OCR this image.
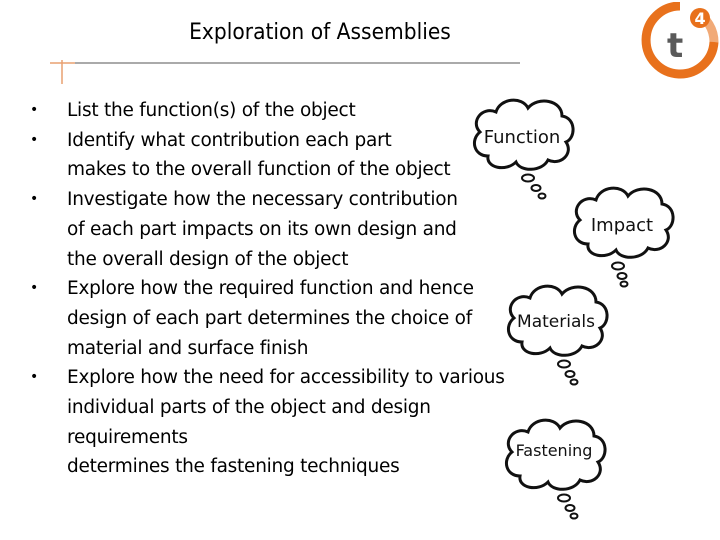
Exploration of Assemblies	t
4
• List the function(s) of the object
• Identify what contribution each part
makes to the overall function of the object
• Investigate how the necessary contribution
of each part impacts on its own design and
the overall design of the object
• Explore how the required function and hence
design of each part determines the choice of
material and surface finish
• Explore how the need for accessibility to various
individual parts of the object and design requirements
determines the fastening techniques
Function
Impact
Materials
Fastening
